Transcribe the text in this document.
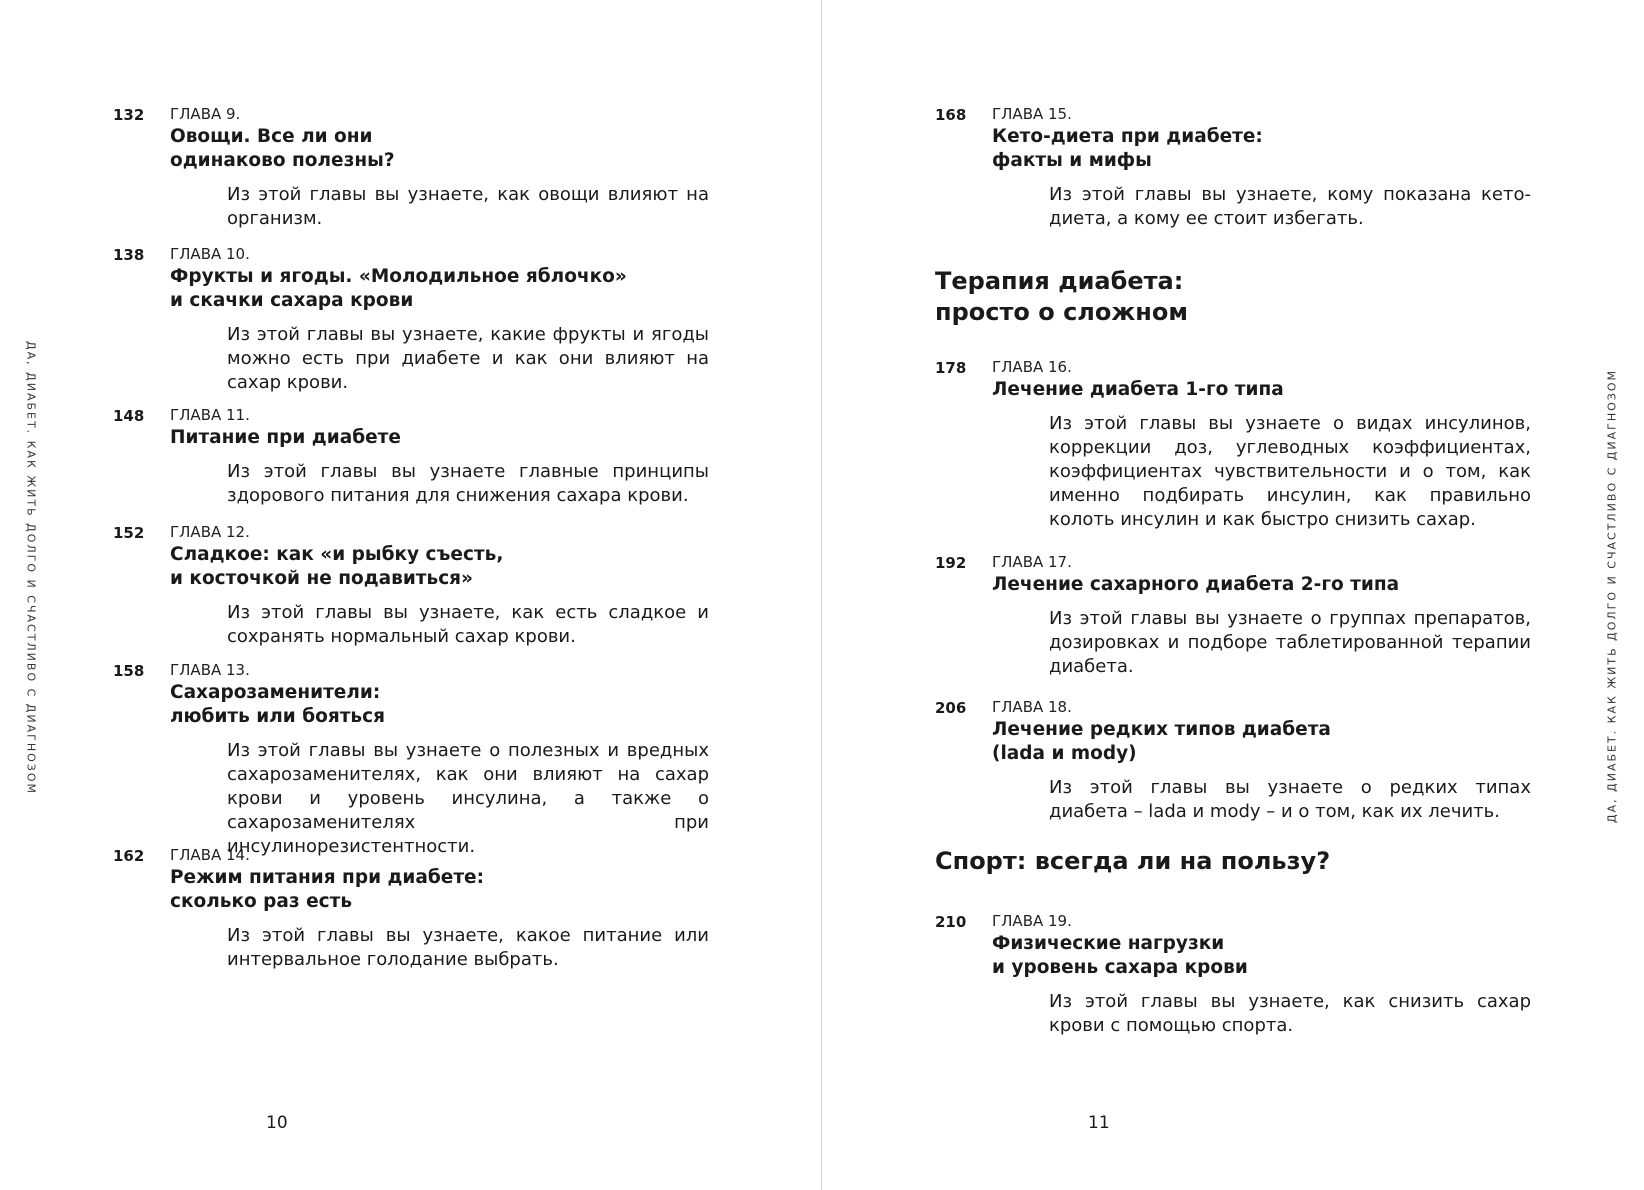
ДА, ДИАБЕТ. КАК ЖИТЬ ДОЛГО И СЧАСТЛИВО С ДИАГНОЗОМ
132 ГЛАВА 9.
Овощи. Все ли они
одинаково полезны?
Из этой главы вы узнаете, как овощи влияют на организм.
138 ГЛАВА 10.
Фрукты и ягоды. «Молодильное яблочко»
и скачки сахара крови
Из этой главы вы узнаете, какие фрукты и ягоды можно есть при диабете и как они влияют на сахар крови.
148 ГЛАВА 11.
Питание при диабете
Из этой главы вы узнаете главные принципы здорового питания для снижения сахара крови.
152 ГЛАВА 12.
Сладкое: как «и рыбку съесть,
и косточкой не подавиться»
Из этой главы вы узнаете, как есть сладкое и сохранять нормальный сахар крови.
158 ГЛАВА 13.
Сахарозаменители:
любить или бояться
Из этой главы вы узнаете о полезных и вредных сахарозаменителях, как они влияют на сахар крови и уровень инсулина, а также о сахарозаменителях при инсулинорезистентности.
162 ГЛАВА 14.
Режим питания при диабете:
сколько раз есть
Из этой главы вы узнаете, какое питание или интервальное голодание выбрать.
10
168 ГЛАВА 15.
Кето-диета при диабете:
факты и мифы
Из этой главы вы узнаете, кому показана кето-диета, а кому ее стоит избегать.
Терапия диабета:
просто о сложном
178 ГЛАВА 16.
Лечение диабета 1-го типа
Из этой главы вы узнаете о видах инсулинов, коррекции доз, углеводных коэффициентах, коэффициентах чувствительности и о том, как именно подбирать инсулин, как правильно колоть инсулин и как быстро снизить сахар.
192 ГЛАВА 17.
Лечение сахарного диабета 2-го типа
Из этой главы вы узнаете о группах препаратов, дозировках и подборе таблетированной терапии диабета.
206 ГЛАВА 18.
Лечение редких типов диабета
(lada и mody)
Из этой главы вы узнаете о редких типах диабета – lada и mody – и о том, как их лечить.
Спорт: всегда ли на пользу?
210 ГЛАВА 19.
Физические нагрузки
и уровень сахара крови
Из этой главы вы узнаете, как снизить сахар крови с помощью спорта.
11
ДА, ДИАБЕТ. КАК ЖИТЬ ДОЛГО И СЧАСТЛИВО С ДИАГНОЗОМ
